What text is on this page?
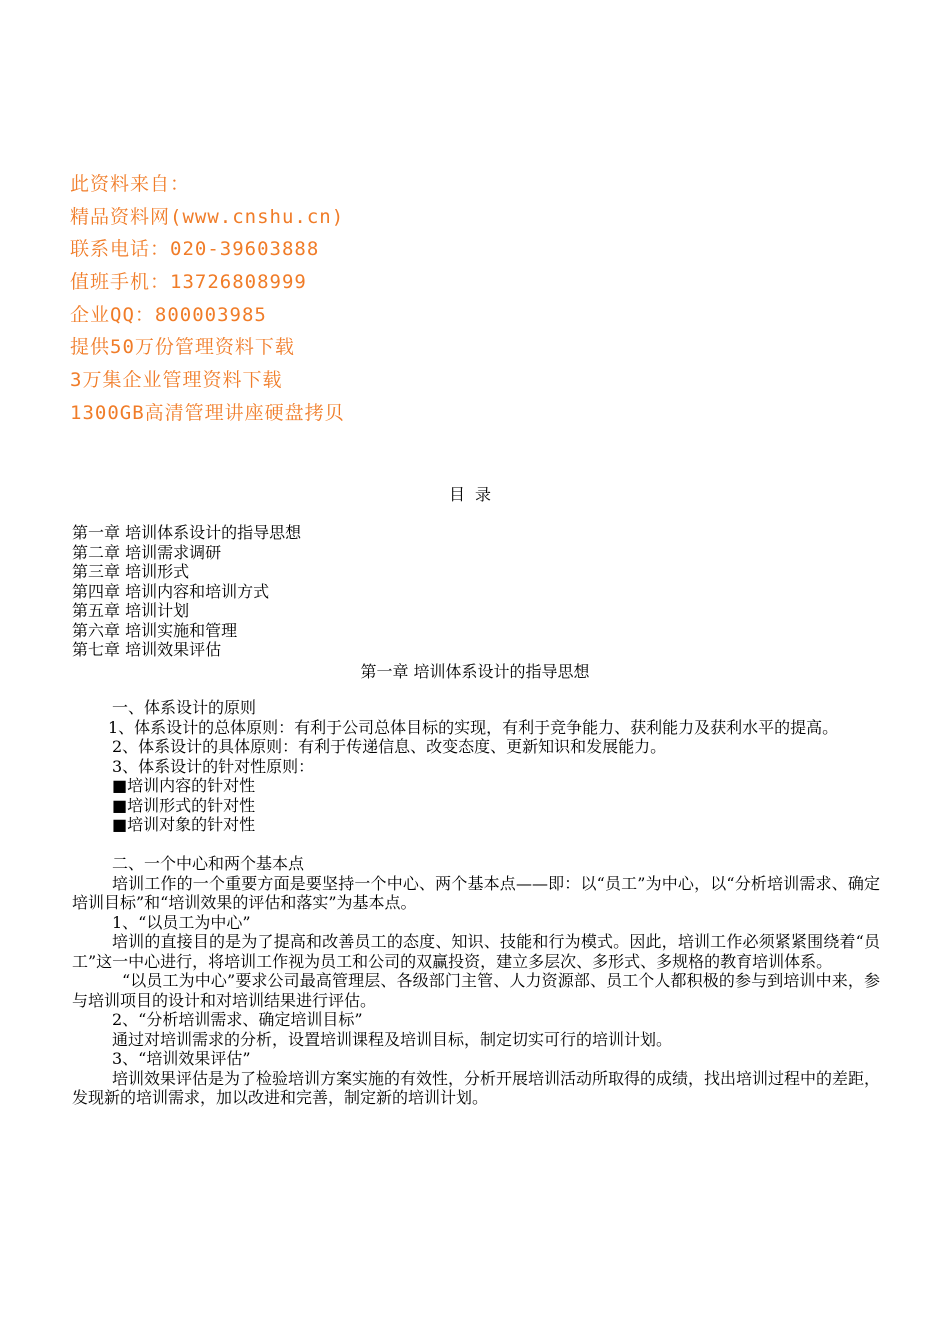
此资料来自：
精品资料网(www.cnshu.cn)
联系电话：020-39603888
值班手机：13726808999
企业QQ：800003985
提供50万份管理资料下载
3万集企业管理资料下载
1300GB高清管理讲座硬盘拷贝
目录
第一章 培训体系设计的指导思想
第二章 培训需求调研
第三章 培训形式
第四章 培训内容和培训方式
第五章 培训计划
第六章 培训实施和管理
第七章 培训效果评估
第一章 培训体系设计的指导思想
一、体系设计的原则
1、体系设计的总体原则：有利于公司总体目标的实现，有利于竞争能力、获利能力及获利水平的提高。
2、体系设计的具体原则：有利于传递信息、改变态度、更新知识和发展能力。
3、体系设计的针对性原则：
■培训内容的针对性
■培训形式的针对性
■培训对象的针对性
二、一个中心和两个基本点
培训工作的一个重要方面是要坚持一个中心、两个基本点——即：以“员工”为中心，以“分析培训需求、确定培训目标”和“培训效果的评估和落实”为基本点。
1、“以员工为中心”
培训的直接目的是为了提高和改善员工的态度、知识、技能和行为模式。因此，培训工作必须紧紧围绕着“员工”这一中心进行，将培训工作视为员工和公司的双赢投资，建立多层次、多形式、多规格的教育培训体系。
“以员工为中心”要求公司最高管理层、各级部门主管、人力资源部、员工个人都积极的参与到培训中来，参与培训项目的设计和对培训结果进行评估。
2、“分析培训需求、确定培训目标”
通过对培训需求的分析，设置培训课程及培训目标，制定切实可行的培训计划。
3、“培训效果评估”
培训效果评估是为了检验培训方案实施的有效性，分析开展培训活动所取得的成绩，找出培训过程中的差距，发现新的培训需求，加以改进和完善，制定新的培训计划。
